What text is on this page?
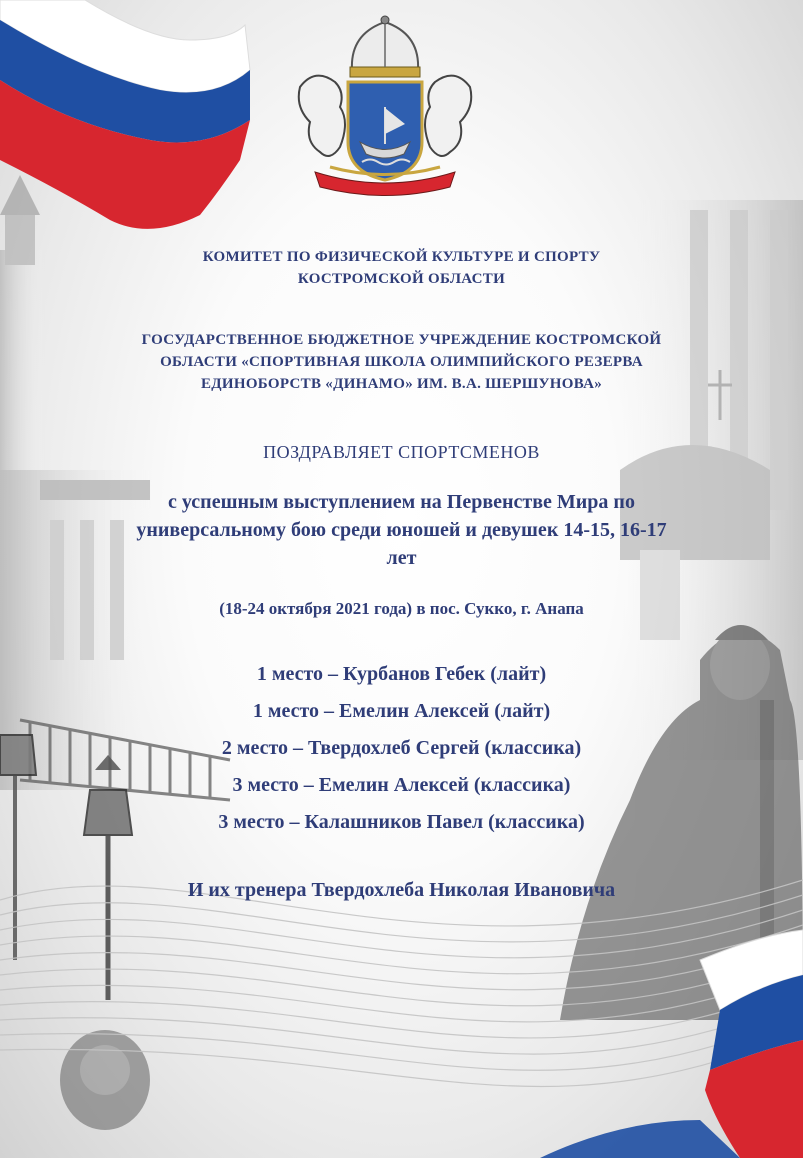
КОМИТЕТ ПО ФИЗИЧЕСКОЙ КУЛЬТУРЕ И СПОРТУ
КОСТРОМСКОЙ ОБЛАСТИ
ГОСУДАРСТВЕННОЕ БЮДЖЕТНОЕ УЧРЕЖДЕНИЕ КОСТРОМСКОЙ
ОБЛАСТИ «СПОРТИВНАЯ ШКОЛА ОЛИМПИЙСКОГО РЕЗЕРВА
ЕДИНОБОРСТВ «ДИНАМО» ИМ. В.А. ШЕРШУНОВА»
ПОЗДРАВЛЯЕТ СПОРТСМЕНОВ
с успешным выступлением на Первенстве Мира по
универсальному бою среди юношей и девушек 14-15, 16-17
лет
(18-24 октября 2021 года) в пос. Сукко, г. Анапа
1 место – Курбанов Гебек (лайт)
1 место – Емелин Алексей (лайт)
2 место – Твердохлеб Сергей (классика)
3 место – Емелин Алексей (классика)
3 место – Калашников Павел (классика)
И их тренера Твердохлеба Николая Ивановича
